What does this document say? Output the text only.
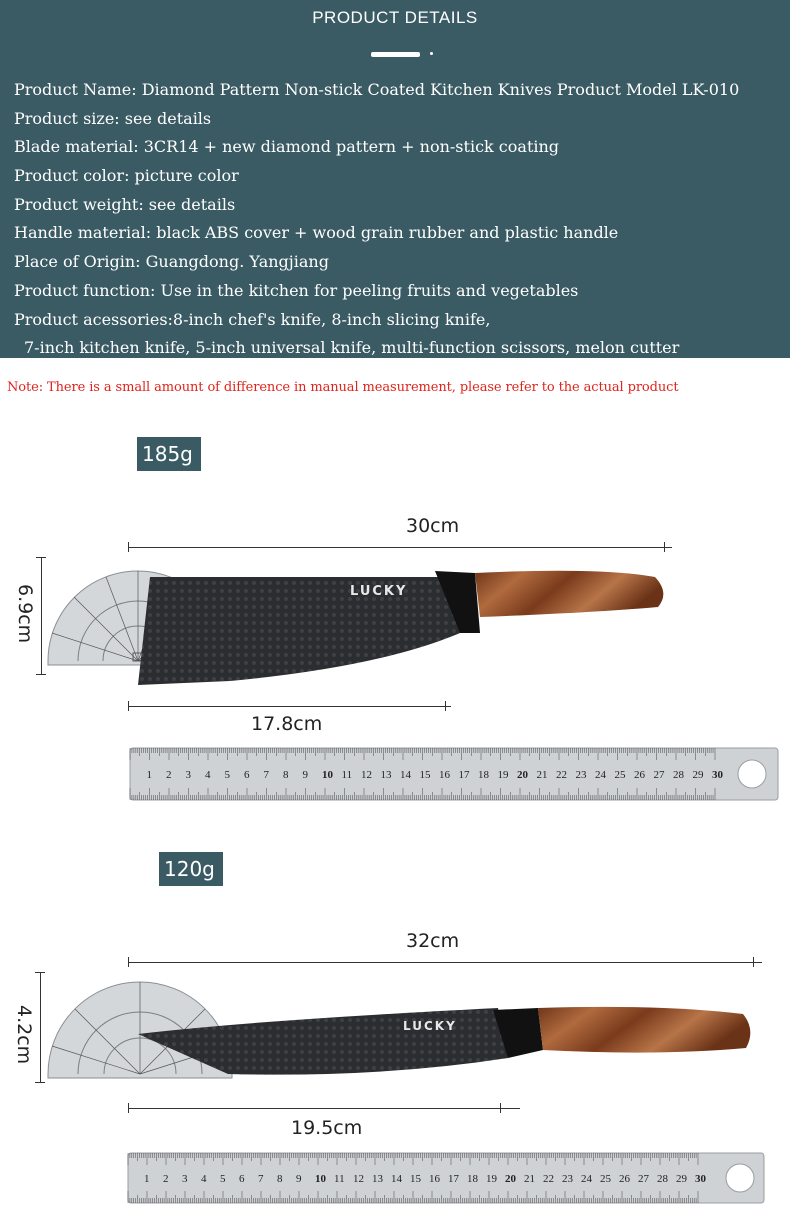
PRODUCT DETAILS
Product Name: Diamond Pattern Non-stick Coated Kitchen Knives Product Model LK-010
Product size: see details
Blade material: 3CR14 + new diamond pattern + non-stick coating
Product color: picture color
Product weight: see details
Handle material: black ABS cover + wood grain rubber and plastic handle
Place of Origin: Guangdong. Yangjiang
Product function: Use in the kitchen for peeling fruits and vegetables
Product acessories:8-inch chef's knife, 8-inch slicing knife,
7-inch kitchen knife, 5-inch universal knife, multi-function scissors, melon cutter
Note: There is a small amount of difference in manual measurement, please refer to the actual product
185g
30cm
6.9cm	LUCKY
17.8cm
1 2 3 4 5 6 7 8 9 10 11 12 13 14 15 16 17 18 19 20 21 22 23 24 25 26 27 28 29 30
120g
32cm
4.2cm	LUCKY
19.5cm
1 2 3 4 5 6 7 8 9 10 11 12 13 14 15 16 17 18 19 20 21 22 23 24 25 26 27 28 29 30
